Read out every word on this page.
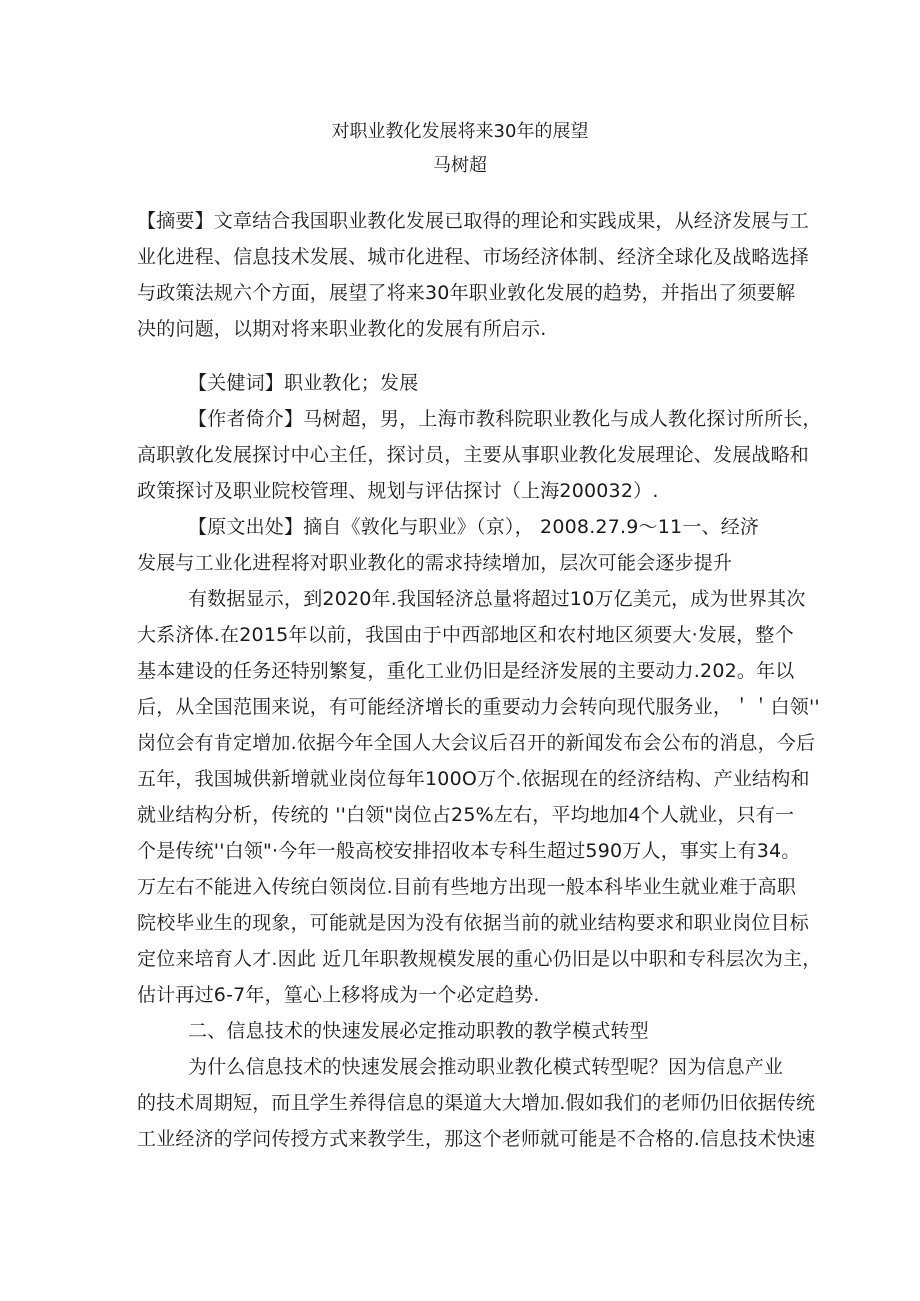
对职业教化发展将来30年的展望
马树超
【摘要】文章结合我国职业教化发展已取得的理论和实践成果，从经济发展与工
业化进程、信息技术发展、城市化进程、市场经济体制、经济全球化及战略选择
与政策法规六个方面，展望了将来30年职业敦化发展的趋势，并指出了须要解
决的问题，以期对将来职业教化的发展有所启示.
【关健词】职业教化；发展
【作者倚介】马树超，男，上海市教科院职业教化与成人教化探讨所所长，
高职敦化发展探讨中心主任，探讨员，主要从事职业教化发展理论、发展战略和
政策探讨及职业院校管理、规划与评估探讨（上海200032）.
【原文出处】摘自《敦化与职业》（京）， 2008.27.9～11一、经济
发展与工业化进程将对职业教化的需求持续增加，层次可能会逐步提升
有数据显示，到2020年.我国轻济总量将超过10万亿美元，成为世界其次
大系济体.在2015年以前，我国由于中西部地区和农村地区须要大·发展，整个
基本建设的任务还特别繁复，重化工业仍旧是经济发展的主要动力.202。年以
后，从全国范围来说，有可能经济增长的重要动力会转向现代服务业，＇＇白领''
岗位会有肯定增加.依据今年全国人大会议后召开的新闻发布会公布的消息，今后
五年，我国城供新增就业岗位每年100O万个.依据现在的经济结构、产业结构和
就业结构分析，传统的 ''白领"岗位占25%左右，平均地加4个人就业，只有一
个是传统''白领"·今年一般高校安排招收本专科生超过590万人，事实上有34。
万左右不能进入传统白领岗位.目前有些地方出现一般本科毕业生就业难于高职
院校毕业生的现象，可能就是因为没有依据当前的就业结构要求和职业岗位目标
定位来培育人才.因此 近几年职教规模发展的重心仍旧是以中职和专科层次为主，
估计再过6-7年，篁心上移将成为一个必定趋势.
二、信息技术的快速发展必定推动职教的教学模式转型
为什么信息技术的快速发展会推动职业教化模式转型呢？因为信息产业
的技术周期短，而且学生养得信息的渠道大大增加.假如我们的老师仍旧依据传统
工业经济的学问传授方式来教学生，那这个老师就可能是不合格的.信息技术快速
